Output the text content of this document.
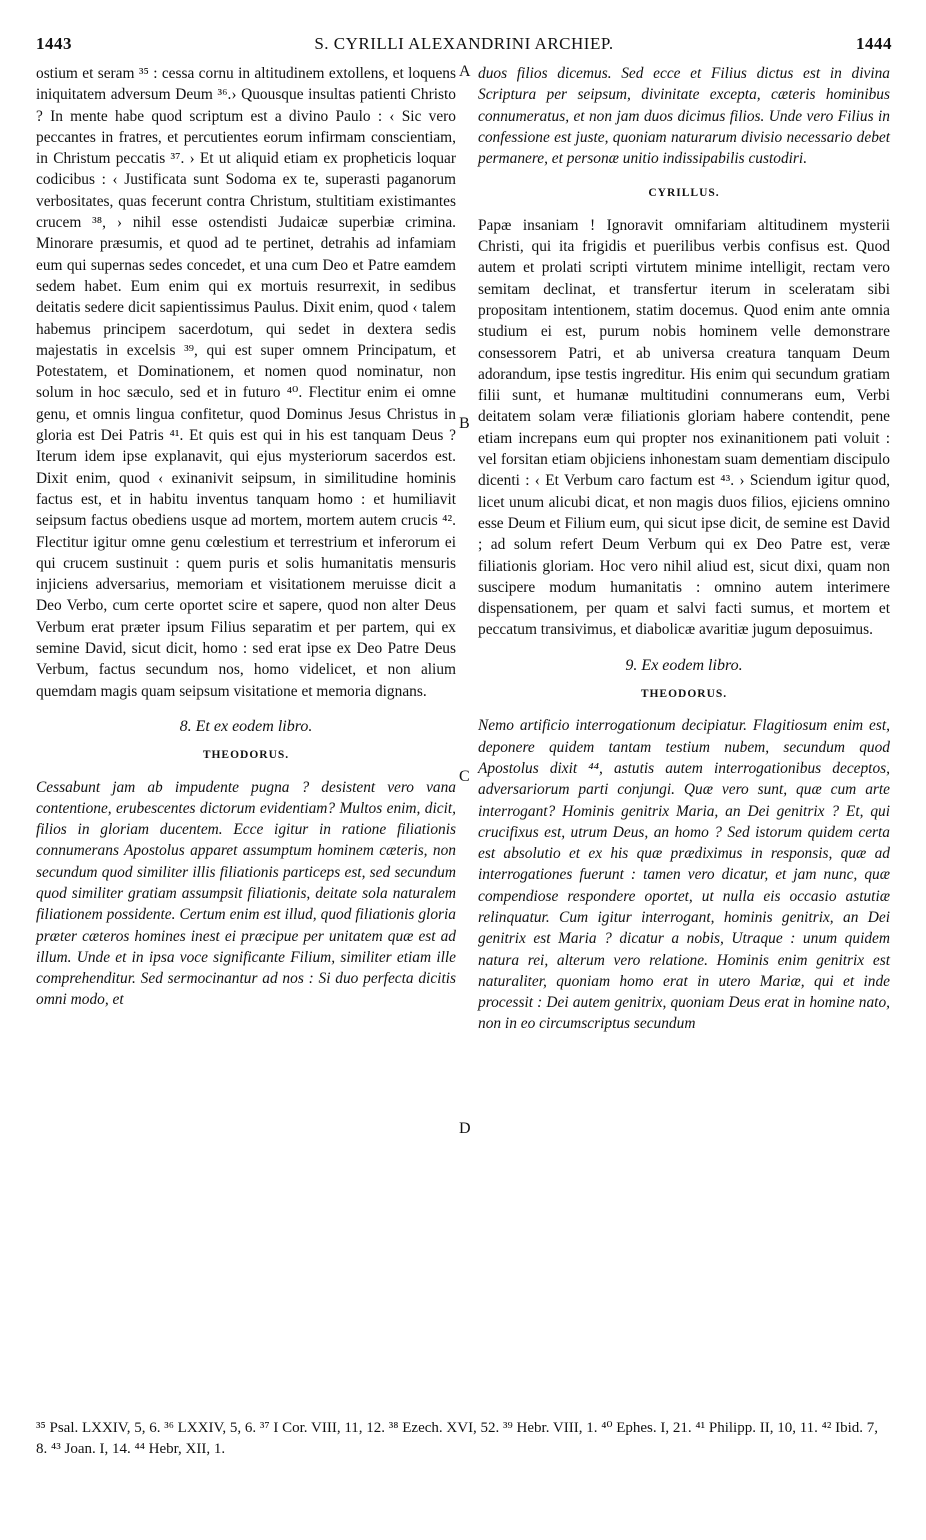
1443	S. CYRILLI ALEXANDRINI ARCHIEP.	1444
A
B
C
D

ostium et seram ³⁵ : cessa cornu in altitudinem extollens, et loquens iniquitatem adversum Deum ³⁶.› Quousque insultas patienti Christo ? In mente habe quod scriptum est a divino Paulo : ‹ Sic vero peccantes in fratres, et percutientes eorum infirmam conscientiam, in Christum peccatis ³⁷. › Et ut aliquid etiam ex propheticis loquar codicibus : ‹ Justificata sunt Sodoma ex te, superasti paganorum verbositates, quas fecerunt contra Christum, stultitiam existimantes crucem ³⁸, › nihil esse ostendisti Judaicæ superbiæ crimina. Minorare præsumis, et quod ad te pertinet, detrahis ad infamiam eum qui supernas sedes concedet, et una cum Deo et Patre eamdem sedem habet. Eum enim qui ex mortuis resurrexit, in sedibus deitatis sedere dicit sapientissimus Paulus. Dixit enim, quod ‹ talem habemus principem sacerdotum, qui sedet in dextera sedis majestatis in excelsis ³⁹, qui est super omnem Principatum, et Potestatem, et Dominationem, et nomen quod nominatur, non solum in hoc sæculo, sed et in futuro ⁴⁰. Flectitur enim ei omne genu, et omnis lingua confitetur, quod Dominus Jesus Christus in gloria est Dei Patris ⁴¹. Et quis est qui in his est tanquam Deus ? Iterum idem ipse explanavit, qui ejus mysteriorum sacerdos est. Dixit enim, quod ‹ exinanivit seipsum, in similitudine hominis factus est, et in habitu inventus tanquam homo : et humiliavit seipsum factus obediens usque ad mortem, mortem autem crucis ⁴². Flectitur igitur omne genu cœlestium et terrestrium et inferorum ei qui crucem sustinuit : quem puris et solis humanitatis mensuris injiciens adversarius, memoriam et visitationem meruisse dicit a Deo Verbo, cum certe oportet scire et sapere, quod non alter Deus Verbum erat præter ipsum Filius separatim et per partem, qui ex semine David, sicut dicit, homo : sed erat ipse ex Deo Patre Deus Verbum, factus secundum nos, homo videlicet, et non alium quemdam magis quam seipsum visitatione et memoria dignans.

8. Et ex eodem libro.
THEODORUS.

Cessabunt jam ab impudente pugna ? desistent vero vana contentione, erubescentes dictorum evidentiam? Multos enim, dicit, filios in gloriam ducentem. Ecce igitur in ratione filiationis connumerans Apostolus apparet assumptum hominem cæteris, non secundum quod similiter illis filiationis particeps est, sed secundum quod similiter gratiam assumpsit filiationis, deitate sola naturalem filiationem possidente. Certum enim est illud, quod filiationis gloria præter cæteros homines inest ei præcipue per unitatem quæ est ad illum. Unde et in ipsa voce significante Filium, similiter etiam ille comprehenditur. Sed sermocinantur ad nos : Si duo perfecta dicitis omni modo, et

duos filios dicemus. Sed ecce et Filius dictus est in divina Scriptura per seipsum, divinitate excepta, cæteris hominibus connumeratus, et non jam duos dicimus filios. Unde vero Filius in confessione est juste, quoniam naturarum divisio necessario debet permanere, et personæ unitio indissipabilis custodiri.

CYRILLUS.

Papæ insaniam ! Ignoravit omnifariam altitudinem mysterii Christi, qui ita frigidis et puerilibus verbis confisus est. Quod autem et prolati scripti virtutem minime intelligit, rectam vero semitam declinat, et transfertur iterum in sceleratam sibi propositam intentionem, statim docemus. Quod enim ante omnia studium ei est, purum nobis hominem velle demonstrare consessorem Patri, et ab universa creatura tanquam Deum adorandum, ipse testis ingreditur. His enim qui secundum gratiam filii sunt, et humanæ multitudini connumerans eum, Verbi deitatem solam veræ filiationis gloriam habere contendit, pene etiam increpans eum qui propter nos exinanitionem pati voluit : vel forsitan etiam objiciens inhonestam suam dementiam discipulo dicenti : ‹ Et Verbum caro factum est ⁴³. › Sciendum igitur quod, licet unum alicubi dicat, et non magis duos filios, ejiciens omnino esse Deum et Filium eum, qui sicut ipse dicit, de semine est David ; ad solum refert Deum Verbum qui ex Deo Patre est, veræ filiationis gloriam. Hoc vero nihil aliud est, sicut dixi, quam non suscipere modum humanitatis : omnino autem interimere dispensationem, per quam et salvi facti sumus, et mortem et peccatum transivimus, et diabolicæ avaritiæ jugum deposuimus.

9. Ex eodem libro.
THEODORUS.

Nemo artificio interrogationum decipiatur. Flagitiosum enim est, deponere quidem tantam testium nubem, secundum quod Apostolus dixit ⁴⁴, astutis autem interrogationibus deceptos, adversariorum parti conjungi. Quæ vero sunt, quæ cum arte interrogant? Hominis genitrix Maria, an Dei genitrix ? Et, qui crucifixus est, utrum Deus, an homo ? Sed istorum quidem certa est absolutio et ex his quæ prædiximus in responsis, quæ ad interrogationes fuerunt : tamen vero dicatur, et jam nunc, quæ compendiose respondere oportet, ut nulla eis occasio astutiæ relinquatur. Cum igitur interrogant, hominis genitrix, an Dei genitrix est Maria ? dicatur a nobis, Utraque : unum quidem natura rei, alterum vero relatione. Hominis enim genitrix est naturaliter, quoniam homo erat in utero Mariæ, qui et inde processit : Dei autem genitrix, quoniam Deus erat in homine nato, non in eo circumscriptus secundum

³⁵ Psal. LXXIV, 5, 6. ³⁶ LXXIV, 5, 6. ³⁷ I Cor. VIII, 11, 12. ³⁸ Ezech. XVI, 52. ³⁹ Hebr. VIII, 1. ⁴⁰ Ephes. I, 21. ⁴¹ Philipp. II, 10, 11. ⁴² Ibid. 7, 8. ⁴³ Joan. I, 14. ⁴⁴ Hebr, XII, 1.
